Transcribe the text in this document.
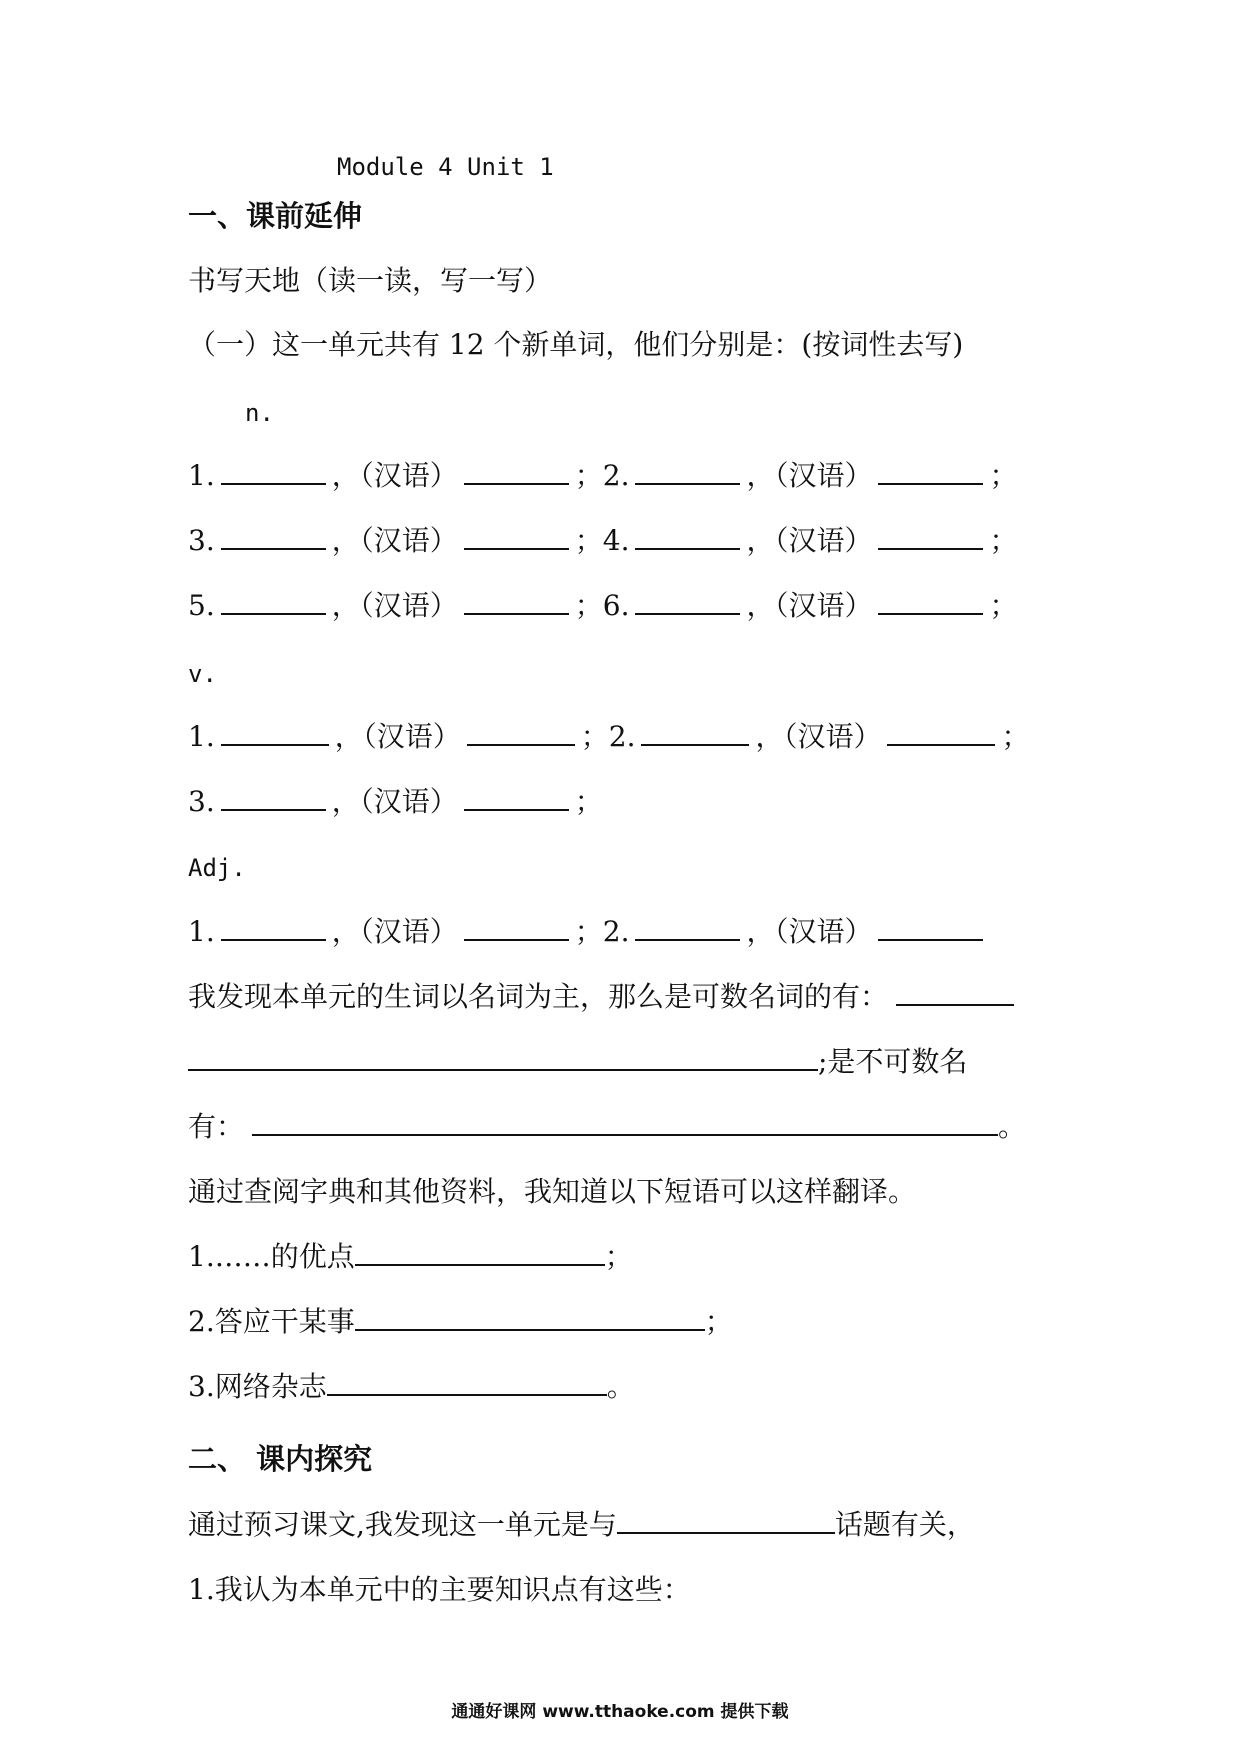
Module 4 Unit 1
一、课前延伸
书写天地（读一读，写一写）
（一）这一单元共有 12 个新单词，他们分别是：(按词性去写)
n.
1.	，（汉语）	；2.	，（汉语）	；
3.	，（汉语）	；4.	，（汉语）	；
5.	，（汉语）	；6.	，（汉语）	；
v.
1.	，（汉语）	；2.	，（汉语）	；
3.	，（汉语）	；
Adj.
1.	，（汉语）	；2.	，（汉语）
我发现本单元的生词以名词为主，那么是可数名词的有：
;是不可数名
有：	。
通过查阅字典和其他资料，我知道以下短语可以这样翻译。
1.……的优点	；
2.答应干某事	；
3.网络杂志	。
二、 课内探究
通过预习课文,我发现这一单元是与	话题有关，
1.我认为本单元中的主要知识点有这些：
通通好课网 www.tthaoke.com 提供下载
